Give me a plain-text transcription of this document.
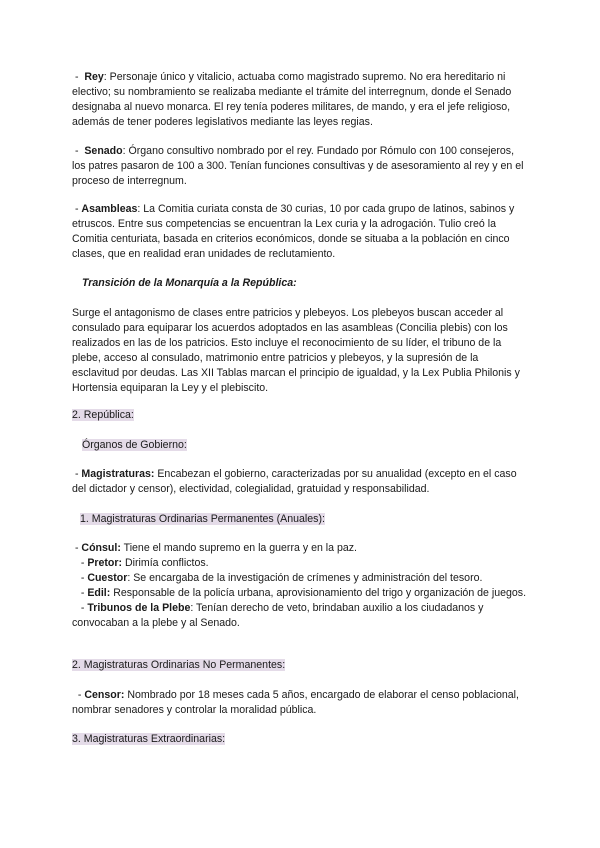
-  Rey: Personaje único y vitalicio, actuaba como magistrado supremo. No era hereditario ni electivo; su nombramiento se realizaba mediante el trámite del interregnum, donde el Senado designaba al nuevo monarca. El rey tenía poderes militares, de mando, y era el jefe religioso, además de tener poderes legislativos mediante las leyes regias.

-  Senado: Órgano consultivo nombrado por el rey. Fundado por Rómulo con 100 consejeros, los patres pasaron de 100 a 300. Tenían funciones consultivas y de asesoramiento al rey y en el proceso de interregnum.

- Asambleas: La Comitia curiata consta de 30 curias, 10 por cada grupo de latinos, sabinos y etruscos. Entre sus competencias se encuentran la Lex curia y la adrogación. Tulio creó la Comitia centuriata, basada en criterios económicos, donde se situaba a la población en cinco clases, que en realidad eran unidades de reclutamiento.

Transición de la Monarquía a la República:

Surge el antagonismo de clases entre patricios y plebeyos. Los plebeyos buscan acceder al consulado para equiparar los acuerdos adoptados en las asambleas (Concilia plebis) con los realizados en las de los patricios. Esto incluye el reconocimiento de su líder, el tribuno de la plebe, acceso al consulado, matrimonio entre patricios y plebeyos, y la supresión de la esclavitud por deudas. Las XII Tablas marcan el principio de igualdad, y la Lex Publia Philonis y Hortensia equiparan la Ley y el plebiscito.

2. República:

Órganos de Gobierno:

- Magistraturas: Encabezan el gobierno, caracterizadas por su anualidad (excepto en el caso del dictador y censor), electividad, colegialidad, gratuidad y responsabilidad.

1. Magistraturas Ordinarias Permanentes (Anuales):

- Cónsul: Tiene el mando supremo en la guerra y en la paz.
- Pretor: Dirimía conflictos.
- Cuestor: Se encargaba de la investigación de crímenes y administración del tesoro.
- Edil: Responsable de la policía urbana, aprovisionamiento del trigo y organización de juegos.
- Tribunos de la Plebe: Tenían derecho de veto, brindaban auxilio a los ciudadanos y convocaban a la plebe y al Senado.

2. Magistraturas Ordinarias No Permanentes:

- Censor: Nombrado por 18 meses cada 5 años, encargado de elaborar el censo poblacional, nombrar senadores y controlar la moralidad pública.

3. Magistraturas Extraordinarias:
